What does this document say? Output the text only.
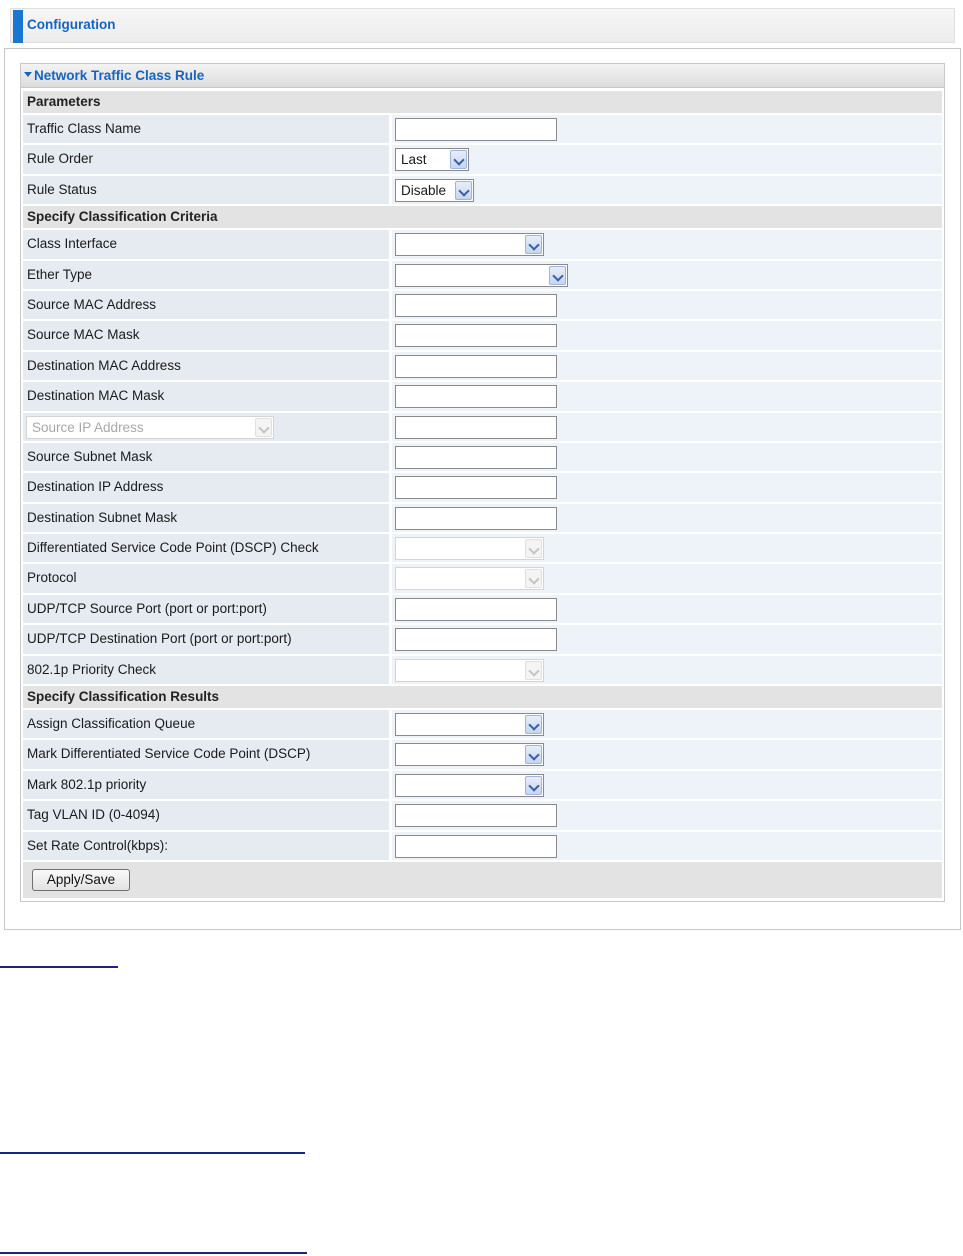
Configuration
Network Traffic Class Rule
Parameters
Traffic Class Name
Rule Order	Last
Rule Status	Disable
Specify Classification Criteria
Class Interface
Ether Type
Source MAC Address
Source MAC Mask
Destination MAC Address
Destination MAC Mask
Source IP Address
Source Subnet Mask
Destination IP Address
Destination Subnet Mask
Differentiated Service Code Point (DSCP) Check
Protocol
UDP/TCP Source Port (port or port:port)
UDP/TCP Destination Port (port or port:port)
802.1p Priority Check
Specify Classification Results
Assign Classification Queue
Mark Differentiated Service Code Point (DSCP)
Mark 802.1p priority
Tag VLAN ID (0-4094)
Set Rate Control(kbps):
Apply/Save
